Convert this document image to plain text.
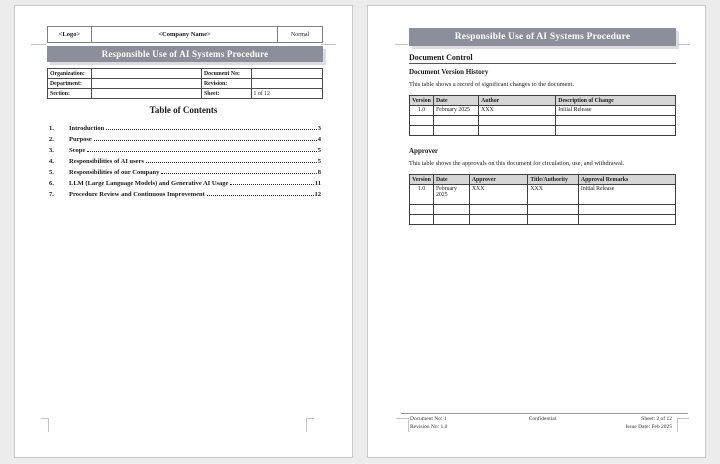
<Logo>	<Company Name>	Normal
Responsible Use of AI Systems Procedure
Organization:		Document No:	
Department:		Revision:	
Section:		Sheet:	1 of 12
Table of Contents
1.	Introduction	3
2.	Purpose	4
3.	Scope	5
4.	Responsibilities of AI users	5
5.	Responsibilities of our Company	8
6.	LLM (Large Language Models) and Generative AI Usage	11
7.	Procedure Review and Continuous Improvement	12
Responsible Use of AI Systems Procedure
Document Control
Document Version History
This table shows a record of significant changes to the document.
Version	Date	Author	Description of Change
1.0	February 2025	XXX	Initial Release

Approver
This table shows the approvals on this document for circulation, use, and withdrawal.
Version	Date	Approver	Title/Authority	Approval Remarks
1.0	February 2025	XXX	XXX	Initial Release

Document No: 1
Revision No: 1.0
Confidential	Sheet: 2 of 12
Issue Date: Feb 2025
